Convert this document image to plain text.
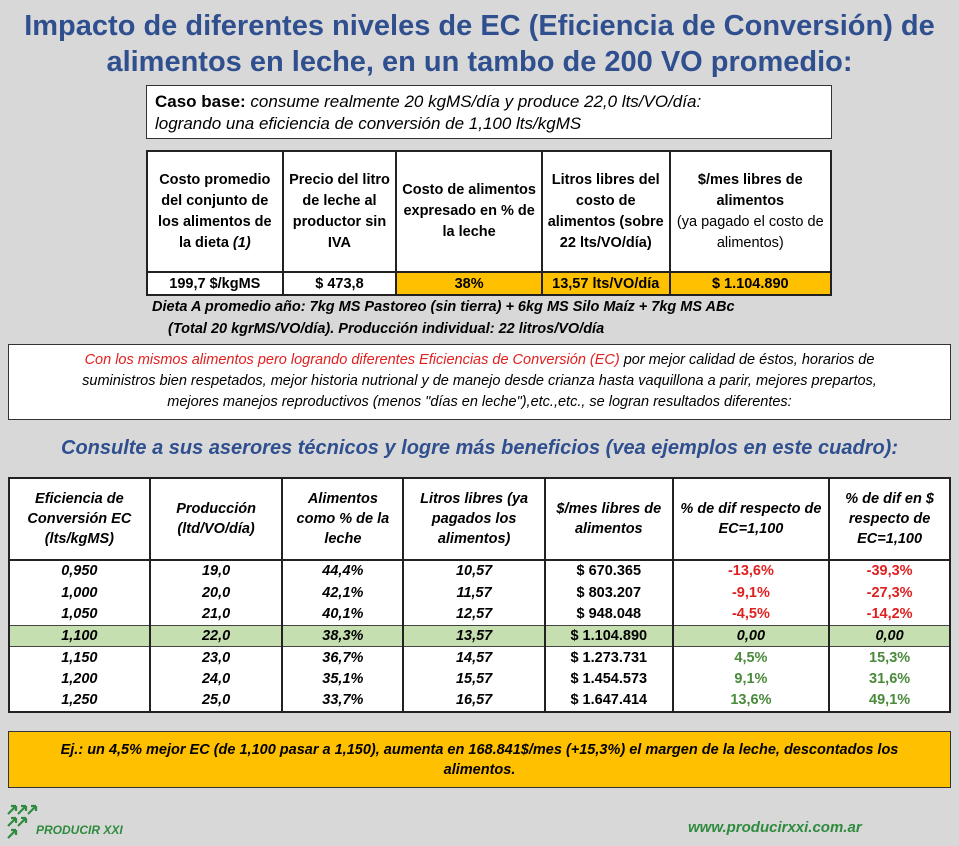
Impacto de diferentes niveles de EC (Eficiencia de Conversión) de
alimentos en leche, en un tambo de 200 VO promedio:
Caso base: consume realmente 20 kgMS/día y produce 22,0 lts/VO/día:
logrando una eficiencia de conversión de 1,100 lts/kgMS
Costo promedio del conjunto de los alimentos de la dieta (1)	Precio del litro de leche al productor sin IVA	Costo de alimentos expresado en % de la leche	Litros libres del costo de alimentos (sobre 22 lts/VO/día)	$/mes libres de alimentos
(ya pagado el costo de alimentos)
199,7 $/kgMS	$ 473,8	38%	13,57 lts/VO/día	$ 1.104.890
Dieta A promedio año: 7kg MS Pastoreo (sin tierra) + 6kg MS Silo Maíz + 7kg MS ABc
(Total 20 kgrMS/VO/día). Producción individual: 22 litros/VO/día
Con los mismos alimentos pero logrando diferentes Eficiencias de Conversión (EC) por mejor calidad de éstos, horarios de
suministros bien respetados, mejor historia nutrional y de manejo desde crianza hasta vaquillona a parir, mejores prepartos,
mejores manejos reproductivos (menos "días en leche"),etc.,etc., se logran resultados diferentes:
Consulte a sus aserores técnicos y logre más beneficios (vea ejemplos en este cuadro):
Eficiencia de Conversión EC (lts/kgMS)	Producción (ltd/VO/día)	Alimentos como % de la leche	Litros libres (ya pagados los alimentos)	$/mes libres de alimentos	% de dif respecto de EC=1,100	% de dif en $ respecto de EC=1,100
0,950	19,0	44,4%	10,57	$ 670.365	-13,6%	-39,3%
1,000	20,0	42,1%	11,57	$ 803.207	-9,1%	-27,3%
1,050	21,0	40,1%	12,57	$ 948.048	-4,5%	-14,2%
1,100	22,0	38,3%	13,57	$ 1.104.890	0,00	0,00
1,150	23,0	36,7%	14,57	$ 1.273.731	4,5%	15,3%
1,200	24,0	35,1%	15,57	$ 1.454.573	9,1%	31,6%
1,250	25,0	33,7%	16,57	$ 1.647.414	13,6%	49,1%
Ej.: un 4,5% mejor EC (de 1,100 pasar a 1,150), aumenta en 168.841$/mes (+15,3%) el margen de la leche, descontados los
alimentos.
PRODUCIR XXI	www.producirxxi.com.ar
